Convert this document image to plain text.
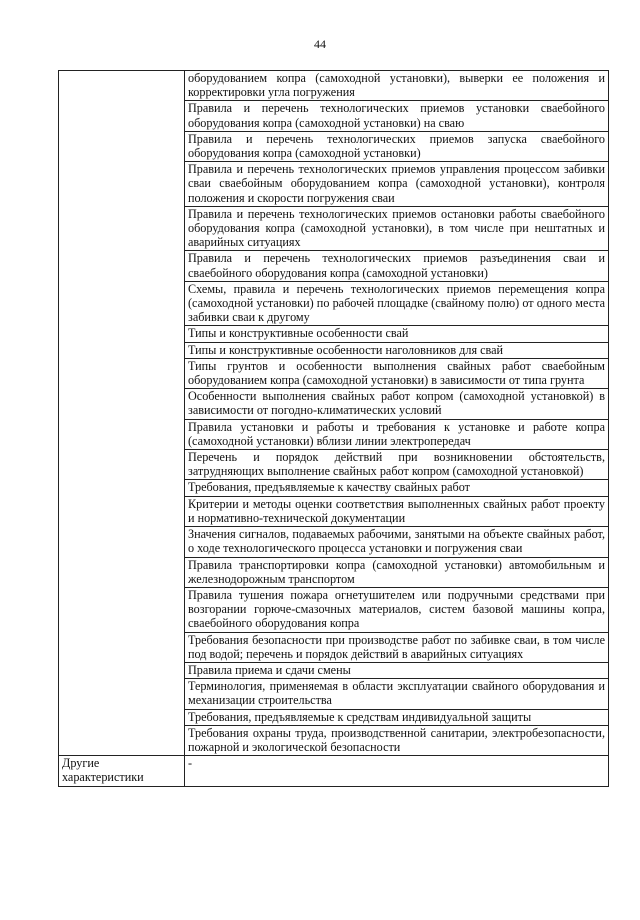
44
	оборудованием копра (самоходной установки), выверки ее положения и корректировки угла погружения
	Правила и перечень технологических приемов установки свaебойного оборудования копра (самоходной установки) на сваю
	Правила и перечень технологических приемов запуска свaебойного оборудования копра (самоходной установки)
	Правила и перечень технологических приемов управления процессом забивки сваи свaебойным оборудованием копра (самоходной установки), контроля положения и скорости погружения сваи
	Правила и перечень технологических приемов остановки работы свaебойного оборудования копра (самоходной установки), в том числе при нештатных и аварийных ситуациях
	Правила и перечень технологических приемов разъединения сваи и свaебойного оборудования копра (самоходной установки)
	Схемы, правила и перечень технологических приемов перемещения копра (самоходной установки) по рабочей площадке (свайному полю) от одного места забивки сваи к другому
	Типы и конструктивные особенности свай
	Типы и конструктивные особенности наголовников для свай
	Типы грунтов и особенности выполнения свайных работ свaебойным оборудованием копра (самоходной установки) в зависимости от типа грунта
	Особенности выполнения свайных работ копром (самоходной установкой) в зависимости от погодно-климатических условий
	Правила установки и работы и требования к установке и работе копра (самоходной установки) вблизи линии электропередач
	Перечень и порядок действий при возникновении обстоятельств, затрудняющих выполнение свайных работ копром (самоходной установкой)
	Требования, предъявляемые к качеству свайных работ
	Критерии и методы оценки соответствия выполненных свайных работ проекту и нормативно-технической документации
	Значения сигналов, подаваемых рабочими, занятыми на объекте свайных работ, о ходе технологического процесса установки и погружения сваи
	Правила транспортировки копра (самоходной установки) автомобильным и железнодорожным транспортом
	Правила тушения пожара огнетушителем или подручными средствами при возгорании горюче-смазочных материалов, систем базовой машины копра, свaебойного оборудования копра
	Требования безопасности при производстве работ по забивке сваи, в том числе под водой; перечень и порядок действий в аварийных ситуациях
	Правила приема и сдачи смены
	Терминология, применяемая в области эксплуатации свайного оборудования и механизации строительства
	Требования, предъявляемые к средствам индивидуальной защиты
	Требования охраны труда, производственной санитарии, электробезопасности, пожарной и экологической безопасности
Другие характеристики	-
